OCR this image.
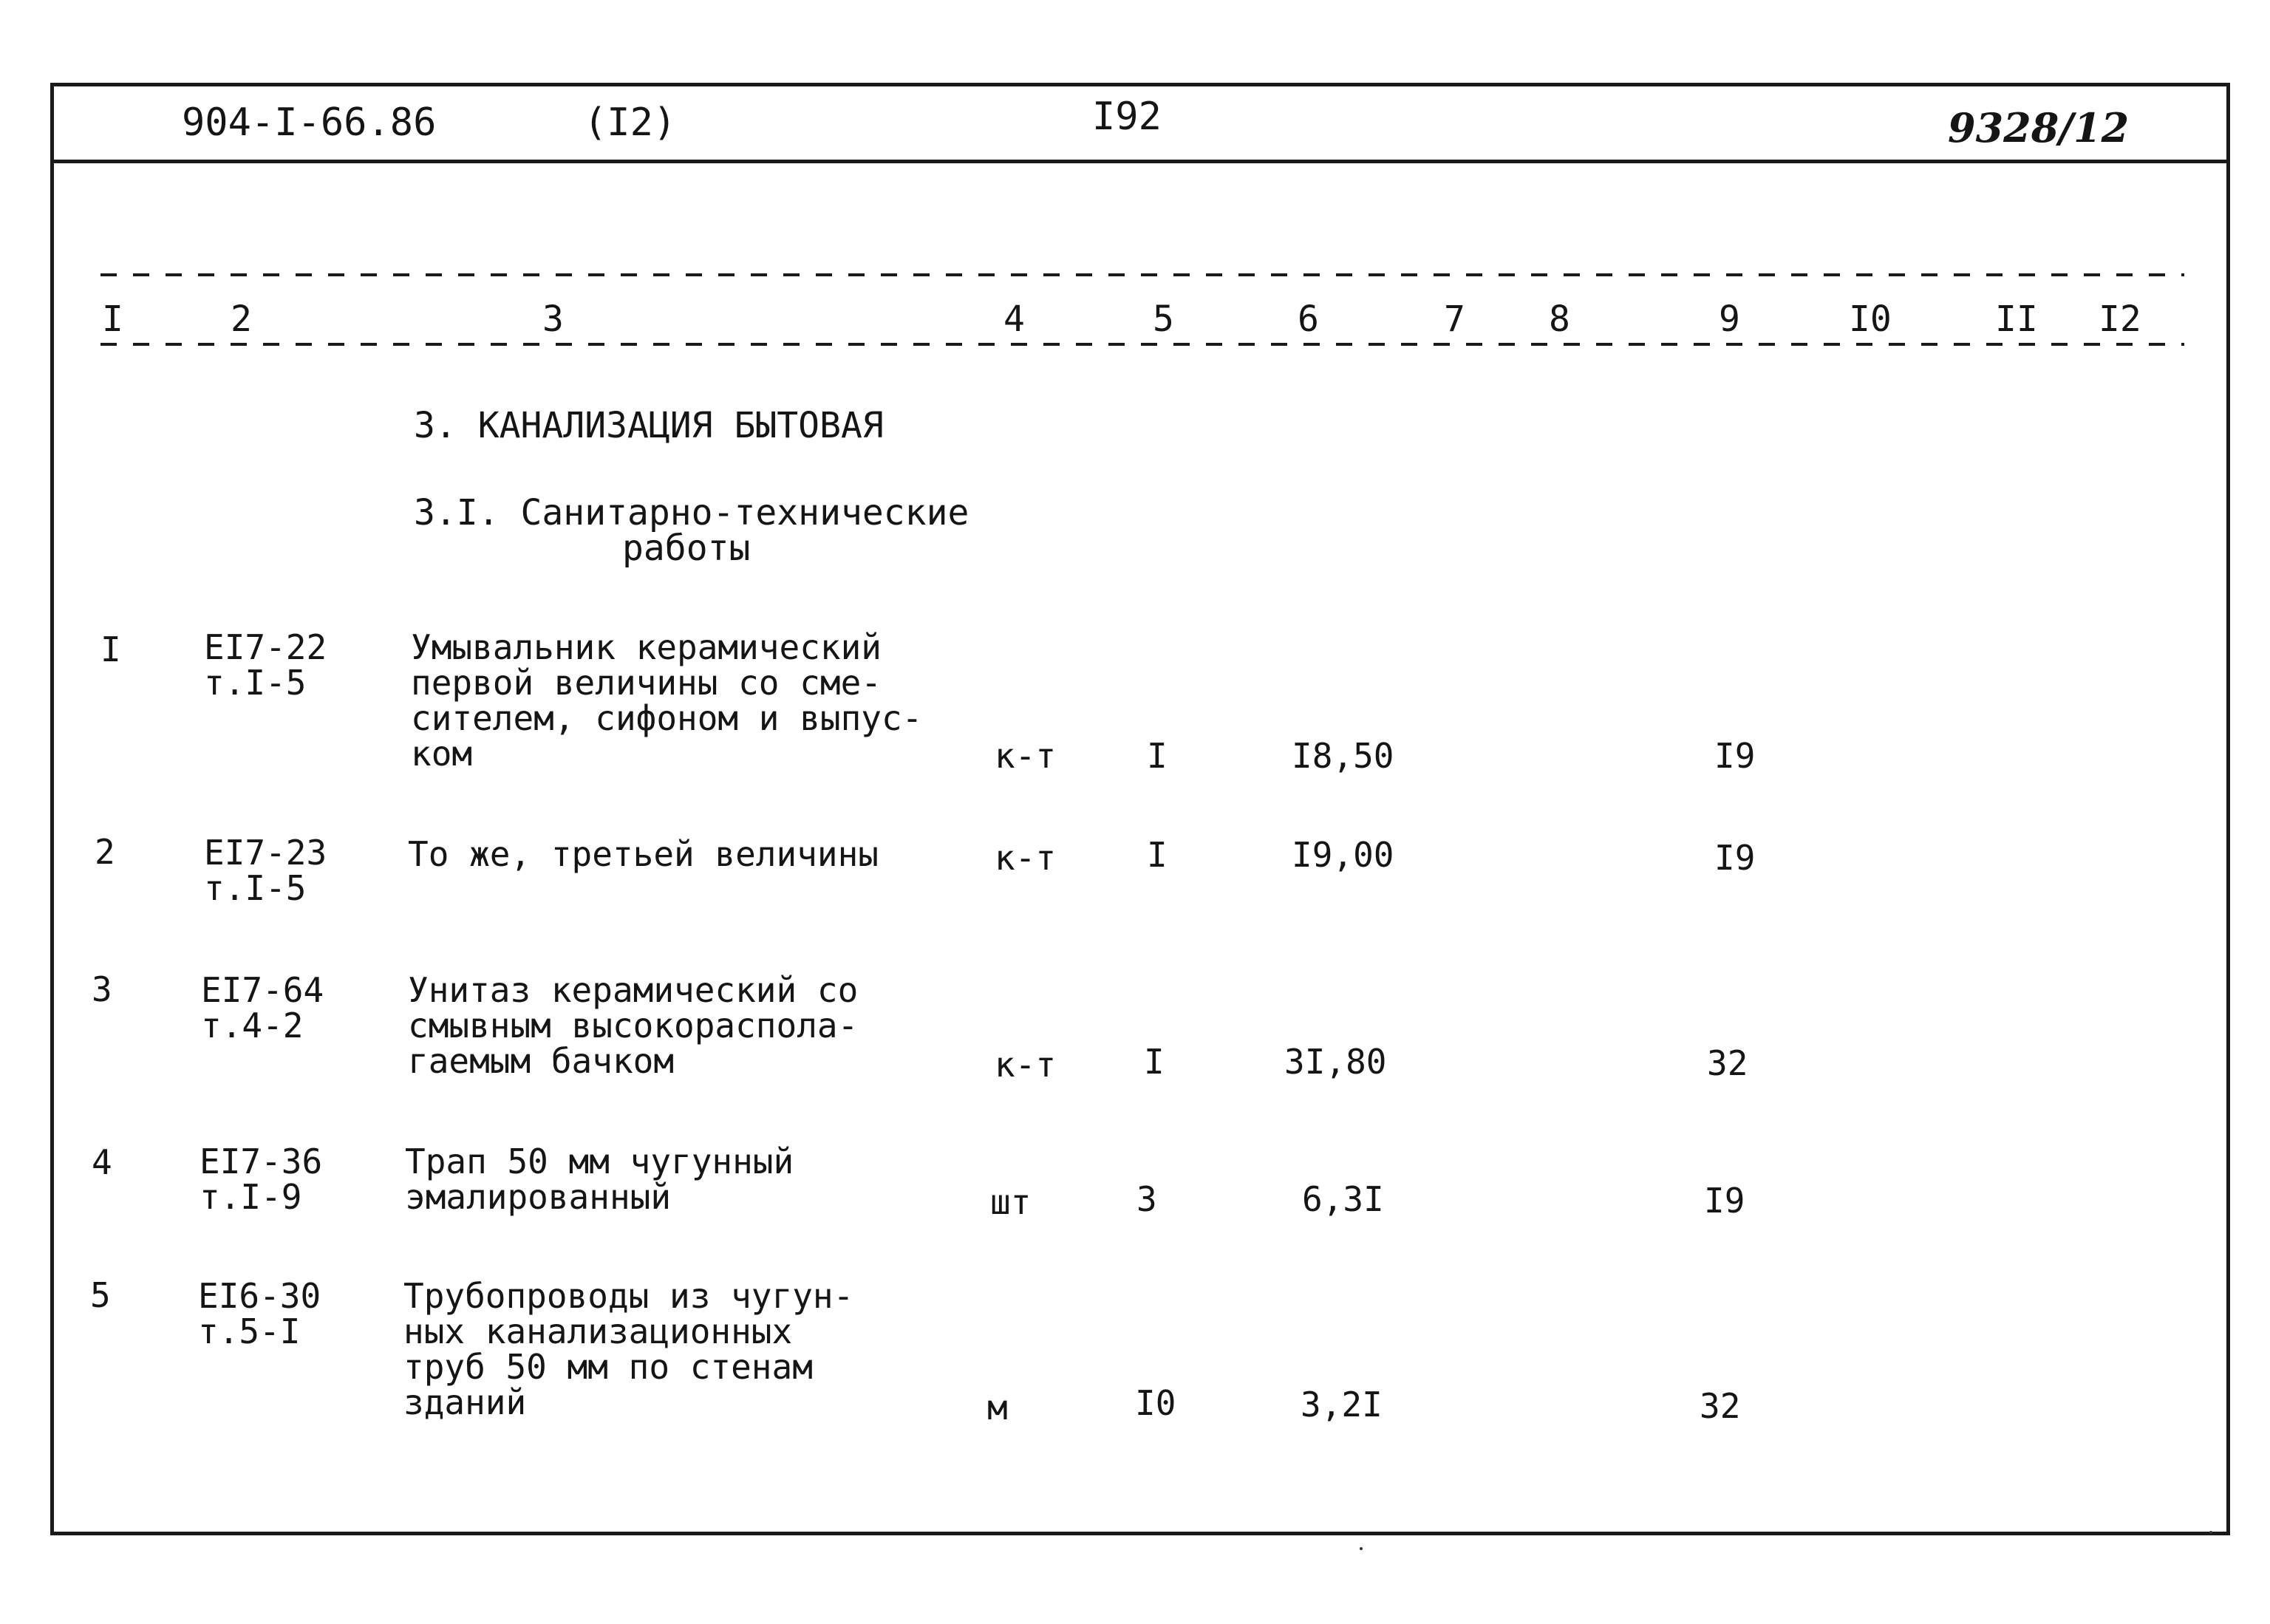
904-I-66.86	(I2)	I92	9328/12
I	2	3	4	5	6	7 8	9	I0	II I2
3. КАНАЛИЗАЦИЯ БЫТОВАЯ
3.I. Санитарно-технические
работы
I EI7-22
т.I-5
Умывальник керамический
первой величины со сме-
сителем, сифоном и выпус-
ком	к-т	I	I8,50	I9
2	EI7-23
т.I-5
То же, третьей величины	к-т	I	I9,00	I9
3	EI7-64
т.4-2
Унитаз керамический со
смывным высокораспола-
гаемым бачком	к-т	I	3I,80	32
4	EI7-36
т.I-9
Трап 50 мм чугунный
эмалированный	шт	3	6,3I	I9
5	EI6-30
т.5-I
Трубопроводы из чугун-
ных канализационных
труб 50 мм по стенам
зданий	м	I0	3,2I	32
